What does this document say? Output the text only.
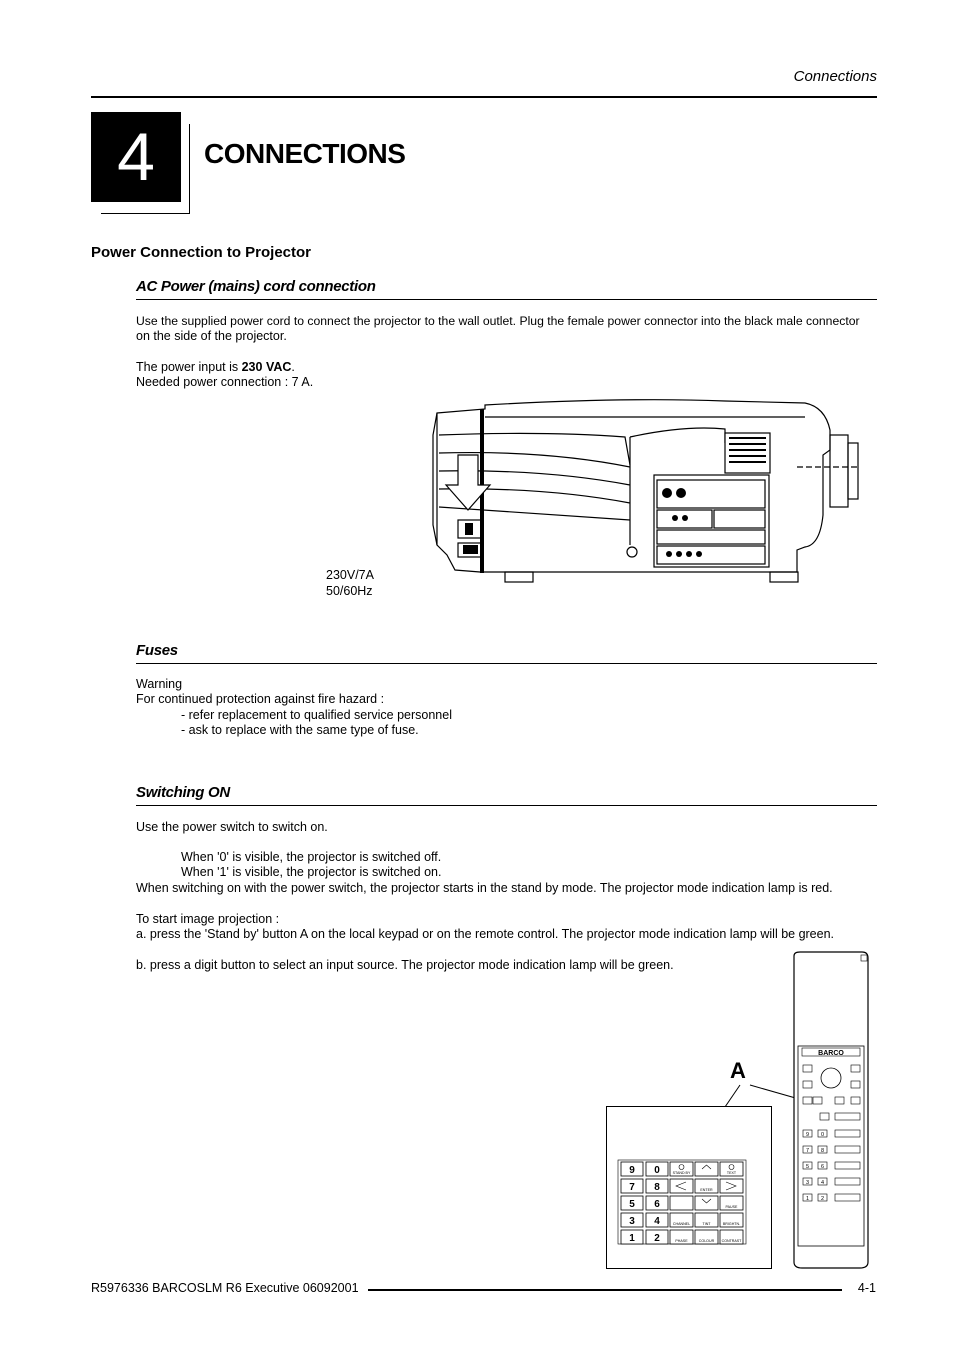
Connections
4	CONNECTIONS
Power Connection to Projector
AC Power (mains) cord connection
Use the supplied power cord to connect the projector to the wall outlet. Plug the female power connector into the black male connector
on the side of the projector.
The power input is 230 VAC.
Needed power connection : 7 A.
230V/7A
50/60Hz
Fuses
Warning
For continued protection against fire hazard :
- refer replacement to qualified service personnel
- ask to replace with the same type of fuse.
Switching ON
Use the power switch to switch on.
When '0' is visible, the projector is switched off.
When '1' is visible, the projector is switched on.
When switching on with the power switch, the projector starts in the stand by mode. The projector mode indication lamp is red.
To start image projection :
a. press the 'Stand by' button A on the local keypad or on the remote control. The projector mode indication lamp will be green.
b. press a digit button to select an input source. The projector mode indication lamp will be green.
A
9 0
7 8
5 6
3 4
1 2
STAND BY	TEXT
ENTER
PAUSE
CHANNEL	TINT	BRIGHTN.
PHASE	COLOUR CONTRAST
BARCO
9 0
7 8
5 6
3 4
1 2
R5976336 BARCOSLM R6 Executive 06092001	4-1
